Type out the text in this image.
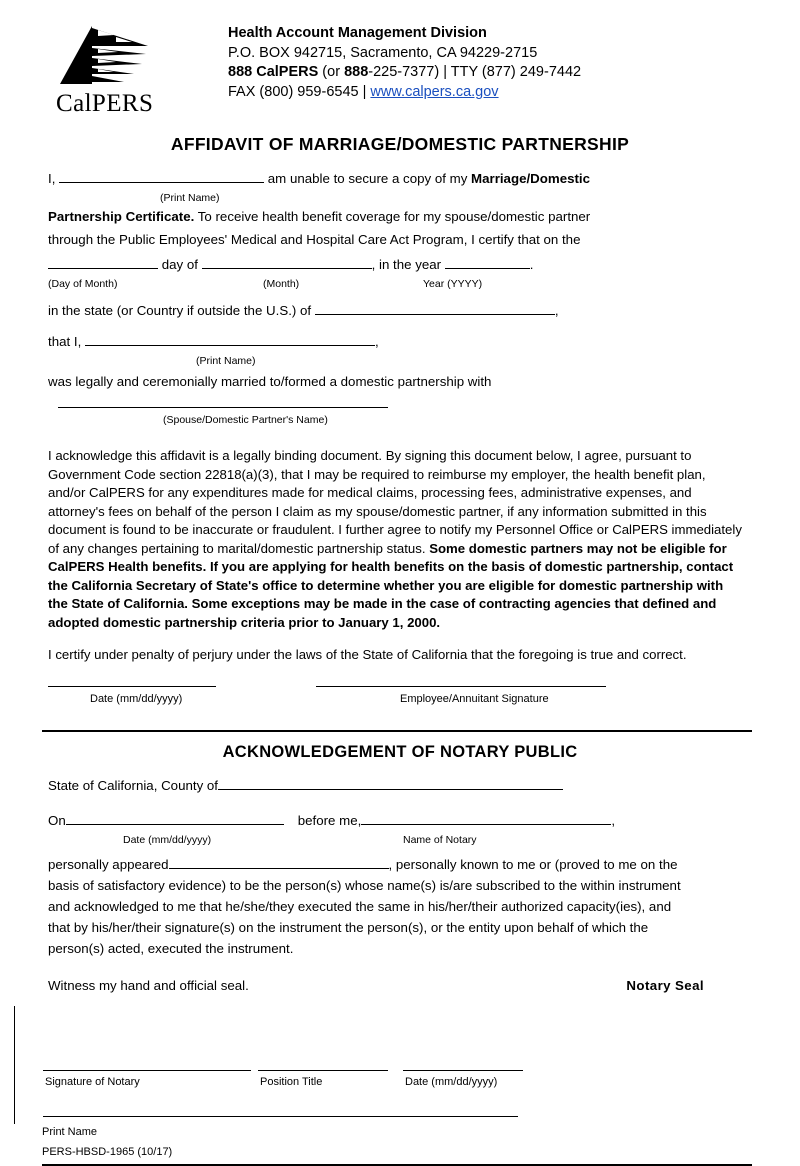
CalPERS
Health Account Management Division
P.O. BOX 942715, Sacramento, CA 94229-2715
888 CalPERS (or 888-225-7377) | TTY (877) 249-7442
FAX (800) 959-6545 | www.calpers.ca.gov
AFFIDAVIT OF MARRIAGE/DOMESTIC PARTNERSHIP
I,	am unable to secure a copy of my Marriage/Domestic
(Print Name)
Partnership Certificate. To receive health benefit coverage for my spouse/domestic partner
through the Public Employees' Medical and Hospital Care Act Program, I certify that on the
day of	, in the year	.
(Day of Month)	(Month)	Year (YYYY)
in the state (or Country if outside the U.S.) of	,
that I,	,
(Print Name)
was legally and ceremonially married to/formed a domestic partnership with
(Spouse/Domestic Partner's Name)
I acknowledge this affidavit is a legally binding document. By signing this document below, I agree, pursuant to Government Code section 22818(a)(3), that I may be required to reimburse my employer, the health benefit plan, and/or CalPERS for any expenditures made for medical claims, processing fees, administrative expenses, and attorney's fees on behalf of the person I claim as my spouse/domestic partner, if any information submitted in this document is found to be inaccurate or fraudulent. I further agree to notify my Personnel Office or CalPERS immediately of any changes pertaining to marital/domestic partnership status. Some domestic partners may not be eligible for CalPERS Health benefits. If you are applying for health benefits on the basis of domestic partnership, contact the California Secretary of State's office to determine whether you are eligible for domestic partnership with the State of California. Some exceptions may be made in the case of contracting agencies that defined and adopted domestic partnership criteria prior to January 1, 2000.
I certify under penalty of perjury under the laws of the State of California that the foregoing is true and correct.
Date (mm/dd/yyyy)	Employee/Annuitant Signature
ACKNOWLEDGEMENT OF NOTARY PUBLIC
State of California, County of
On	before me,	,
Date (mm/dd/yyyy)	Name of Notary
personally appeared	, personally known to me or (proved to me on the
basis of satisfactory evidence) to be the person(s) whose name(s) is/are subscribed to the within instrument
and acknowledged to me that he/she/they executed the same in his/her/their authorized capacity(ies), and
that by his/her/their signature(s) on the instrument the person(s), or the entity upon behalf of which the
person(s) acted, executed the instrument.
Witness my hand and official seal.	Notary Seal
Signature of Notary	Position Title	Date (mm/dd/yyyy)
Print Name
PERS-HBSD-1965 (10/17)
